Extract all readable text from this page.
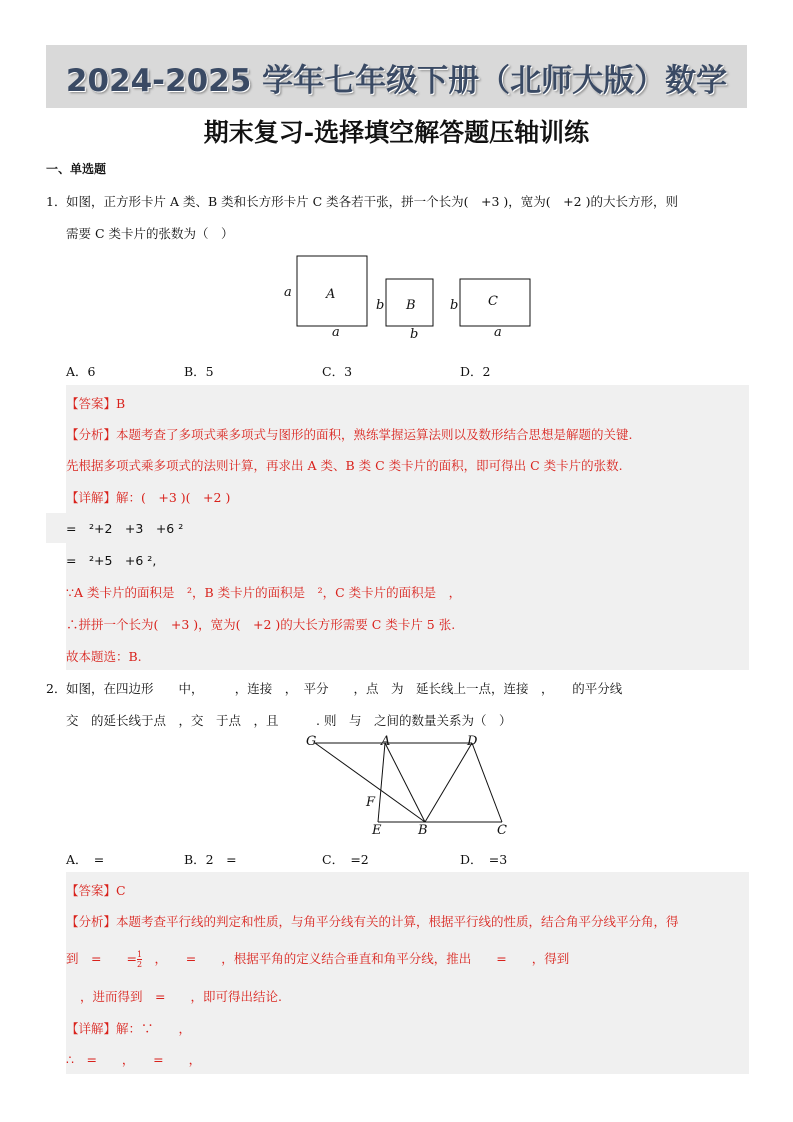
2024-2025 学年七年级下册（北师大版）数学
期末复习-选择填空解答题压轴训练
一、单选题
1． 如图，正方形卡片 A 类、B 类和长方形卡片 C 类各若干张，拼一个长为(　+3 )，宽为(　+2 )的大长方形，则
需要 C 类卡片的张数为（　）
A
a
a
B
b
b
C
b
a
A．6	B．5	C．3	D．2
【答案】B
【分析】本题考查了多项式乘多项式与图形的面积，熟练掌握运算法则以及数形结合思想是解题的关键.
先根据多项式乘多项式的法则计算，再求出 A 类、B 类 C 类卡片的面积，即可得出 C 类卡片的张数.
【详解】解：(　+3 )(　+2 )
=　²+2　+3　+6 ²
=　²+5　+6 ²,
∵A 类卡片的面积是　²，B 类卡片的面积是　²，C 类卡片的面积是　，
∴拼拼一个长为(　+3 )，宽为(　+2 )的大长方形需要 C 类卡片 5 张.
故本题选：B.
2． 如图，在四边形　　中，　　　，连接　，　平分　　，点　为　延长线上一点，连接　，　　的平分线
交　的延长线于点　，交　于点　，且　　　. 则　与　之间的数量关系为（　）
G	A	D
F
E	B	C
A．　=	B．2　=	C．　=2	D．　=3
【答案】C
【分析】本题考查平行线的判定和性质，与角平分线有关的计算，根据平行线的性质，结合角平分线平分角，得
到　=　　= $\frac{1}{2}$ 　，　　=　　，根据平角的定义结合垂直和角平分线，推出　　=　　，得到
，进而得到　=　　，即可得出结论.
【详解】解：∵　　，
∴　=　　，　　=　　，
